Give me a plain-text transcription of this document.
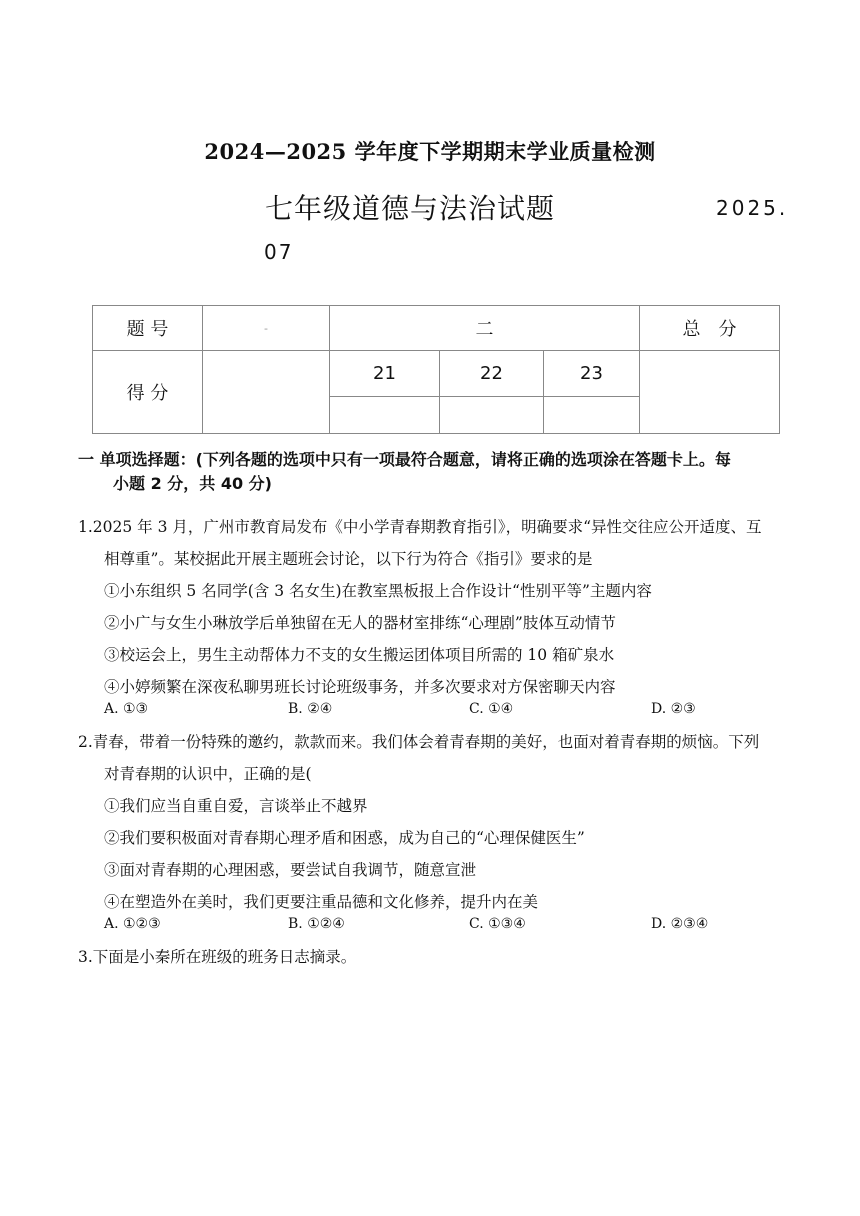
2024—2025 学年度下学期期末学业质量检测
七年级道德与法治试题	2025.
07
题 号	-	二			总　分
得 分		21	22	23	

一 单项选择题：(下列各题的选项中只有一项最符合题意，请将正确的选项涂在答题卡上。每
小题 2 分，共 40 分)
1.2025 年 3 月，广州市教育局发布《中小学青春期教育指引》，明确要求“异性交往应公开适度、互
相尊重”。某校据此开展主题班会讨论，以下行为符合《指引》要求的是
①小东组织 5 名同学(含 3 名女生)在教室黑板报上合作设计“性别平等”主题内容
②小广与女生小琳放学后单独留在无人的器材室排练“心理剧”肢体互动情节
③校运会上，男生主动帮体力不支的女生搬运团体项目所需的 10 箱矿泉水
④小婷频繁在深夜私聊男班长讨论班级事务，并多次要求对方保密聊天内容
A. ①③	B. ②④	C. ①④	D. ②③
2.青春，带着一份特殊的邀约，款款而来。我们体会着青春期的美好，也面对着青春期的烦恼。下列
对青春期的认识中，正确的是(
①我们应当自重自爱，言谈举止不越界
②我们要积极面对青春期心理矛盾和困惑，成为自己的“心理保健医生”
③面对青春期的心理困惑，要尝试自我调节，随意宣泄
④在塑造外在美时，我们更要注重品德和文化修养，提升内在美
A. ①②③	B. ①②④	C. ①③④	D. ②③④
3.下面是小秦所在班级的班务日志摘录。
